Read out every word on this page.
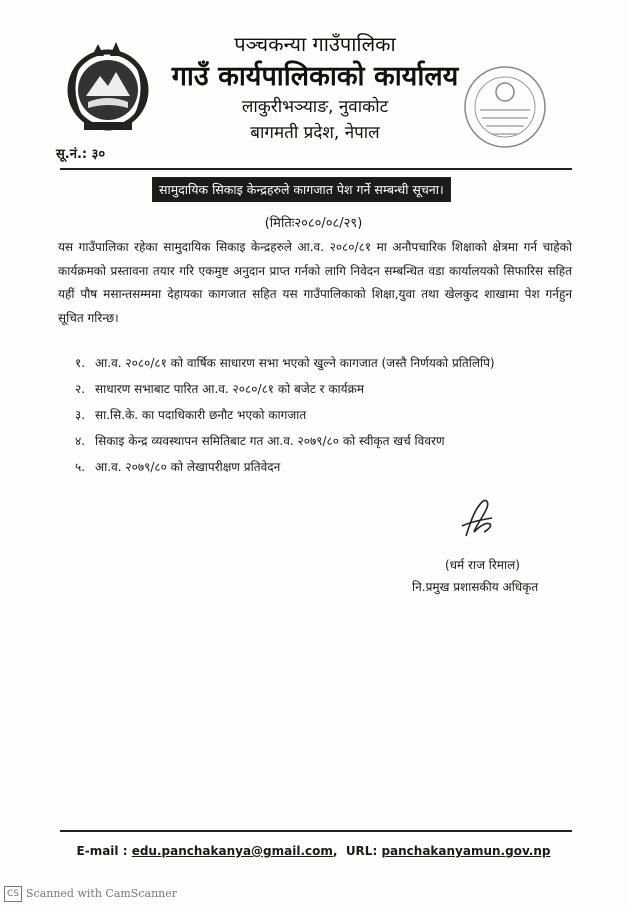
पञ्चकन्या गाउँपालिका
गाउँ कार्यपालिकाको कार्यालय
लाकुरीभञ्याङ, नुवाकोट
बागमती प्रदेश, नेपाल
सू.नं.: ३०
सामुदायिक सिकाइ केन्द्रहरुले कागजात पेश गर्ने सम्बन्धी सूचना।
(मितिः२०८०/०८/२९)
यस गाउँपालिका रहेका सामुदायिक सिकाइ केन्द्रहरुले आ.व. २०८०/८१ मा अनौपचारिक शिक्षाको क्षेत्रमा गर्न चाहेको कार्यक्रमको प्रस्तावना तयार गरि एकमुष्ट अनुदान प्राप्त गर्नको लागि निवेदन सम्बन्धित वडा कार्यालयको सिफारिस सहित यहीं पौष मसान्तसम्ममा देहायका कागजात सहित यस गाउँपालिकाको शिक्षा,युवा तथा खेलकुद शाखामा पेश गर्नहुन सूचित गरिन्छ।
१. आ.व. २०८०/८१ को वार्षिक साधारण सभा भएको खुल्ने कागजात (जस्तै निर्णयको प्रतिलिपि)
२. साधारण सभाबाट पारित आ.व. २०८०/८१ को बजेट र कार्यक्रम
३. सा.सि.के. का पदाधिकारी छनौट भएको कागजात
४. सिकाइ केन्द्र व्यवस्थापन समितिबाट गत आ.व. २०७९/८० को स्वीकृत खर्च विवरण
५. आ.व. २०७९/८० को लेखापरीक्षण प्रतिवेदन
(धर्म राज रिमाल)
नि.प्रमुख प्रशासकीय अधिकृत
E-mail : edu.panchakanya@gmail.com,  URL: panchakanyamun.gov.np
CS Scanned with CamScanner
